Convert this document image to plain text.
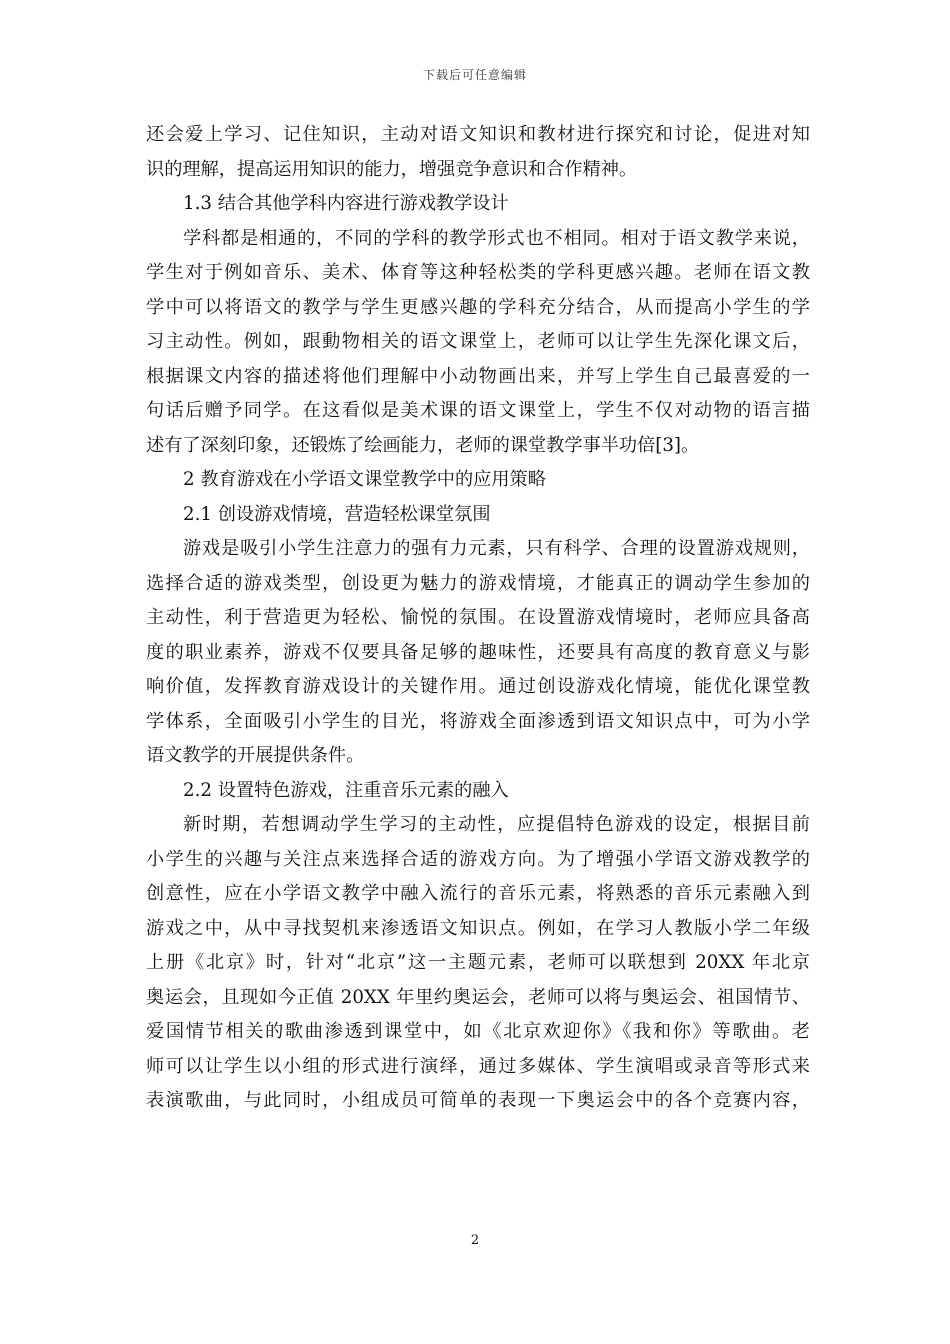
下载后可任意编辑
还会爱上学习、记住知识，主动对语文知识和教材进行探究和讨论，促进对知
识的理解，提高运用知识的能力，增强竞争意识和合作精神。
1.3 结合其他学科内容进行游戏教学设计
学科都是相通的，不同的学科的教学形式也不相同。相对于语文教学来说，
学生对于例如音乐、美术、体育等这种轻松类的学科更感兴趣。老师在语文教
学中可以将语文的教学与学生更感兴趣的学科充分结合，从而提高小学生的学
习主动性。例如，跟動物相关的语文课堂上，老师可以让学生先深化课文后，
根据课文内容的描述将他们理解中小动物画出来，并写上学生自己最喜爱的一
句话后赠予同学。在这看似是美术课的语文课堂上，学生不仅对动物的语言描
述有了深刻印象，还锻炼了绘画能力，老师的课堂教学事半功倍[3]。
2 教育游戏在小学语文课堂教学中的应用策略
2.1 创设游戏情境，营造轻松课堂氛围
游戏是吸引小学生注意力的强有力元素，只有科学、合理的设置游戏规则，
选择合适的游戏类型，创设更为魅力的游戏情境，才能真正的调动学生参加的
主动性，利于营造更为轻松、愉悦的氛围。在设置游戏情境时，老师应具备高
度的职业素养，游戏不仅要具备足够的趣味性，还要具有高度的教育意义与影
响价值，发挥教育游戏设计的关键作用。通过创设游戏化情境，能优化课堂教
学体系，全面吸引小学生的目光，将游戏全面渗透到语文知识点中，可为小学
语文教学的开展提供条件。
2.2 设置特色游戏，注重音乐元素的融入
新时期，若想调动学生学习的主动性，应提倡特色游戏的设定，根据目前
小学生的兴趣与关注点来选择合适的游戏方向。为了增强小学语文游戏教学的
创意性，应在小学语文教学中融入流行的音乐元素，将熟悉的音乐元素融入到
游戏之中，从中寻找契机来渗透语文知识点。例如，在学习人教版小学二年级
上册《北京》时，针对“北京”这一主题元素，老师可以联想到 20XX 年北京
奥运会，且现如今正值 20XX 年里约奥运会，老师可以将与奥运会、祖国情节、
爱国情节相关的歌曲渗透到课堂中，如《北京欢迎你》《我和你》等歌曲。老
师可以让学生以小组的形式进行演绎，通过多媒体、学生演唱或录音等形式来
表演歌曲，与此同时，小组成员可简单的表现一下奥运会中的各个竞赛内容，
2
